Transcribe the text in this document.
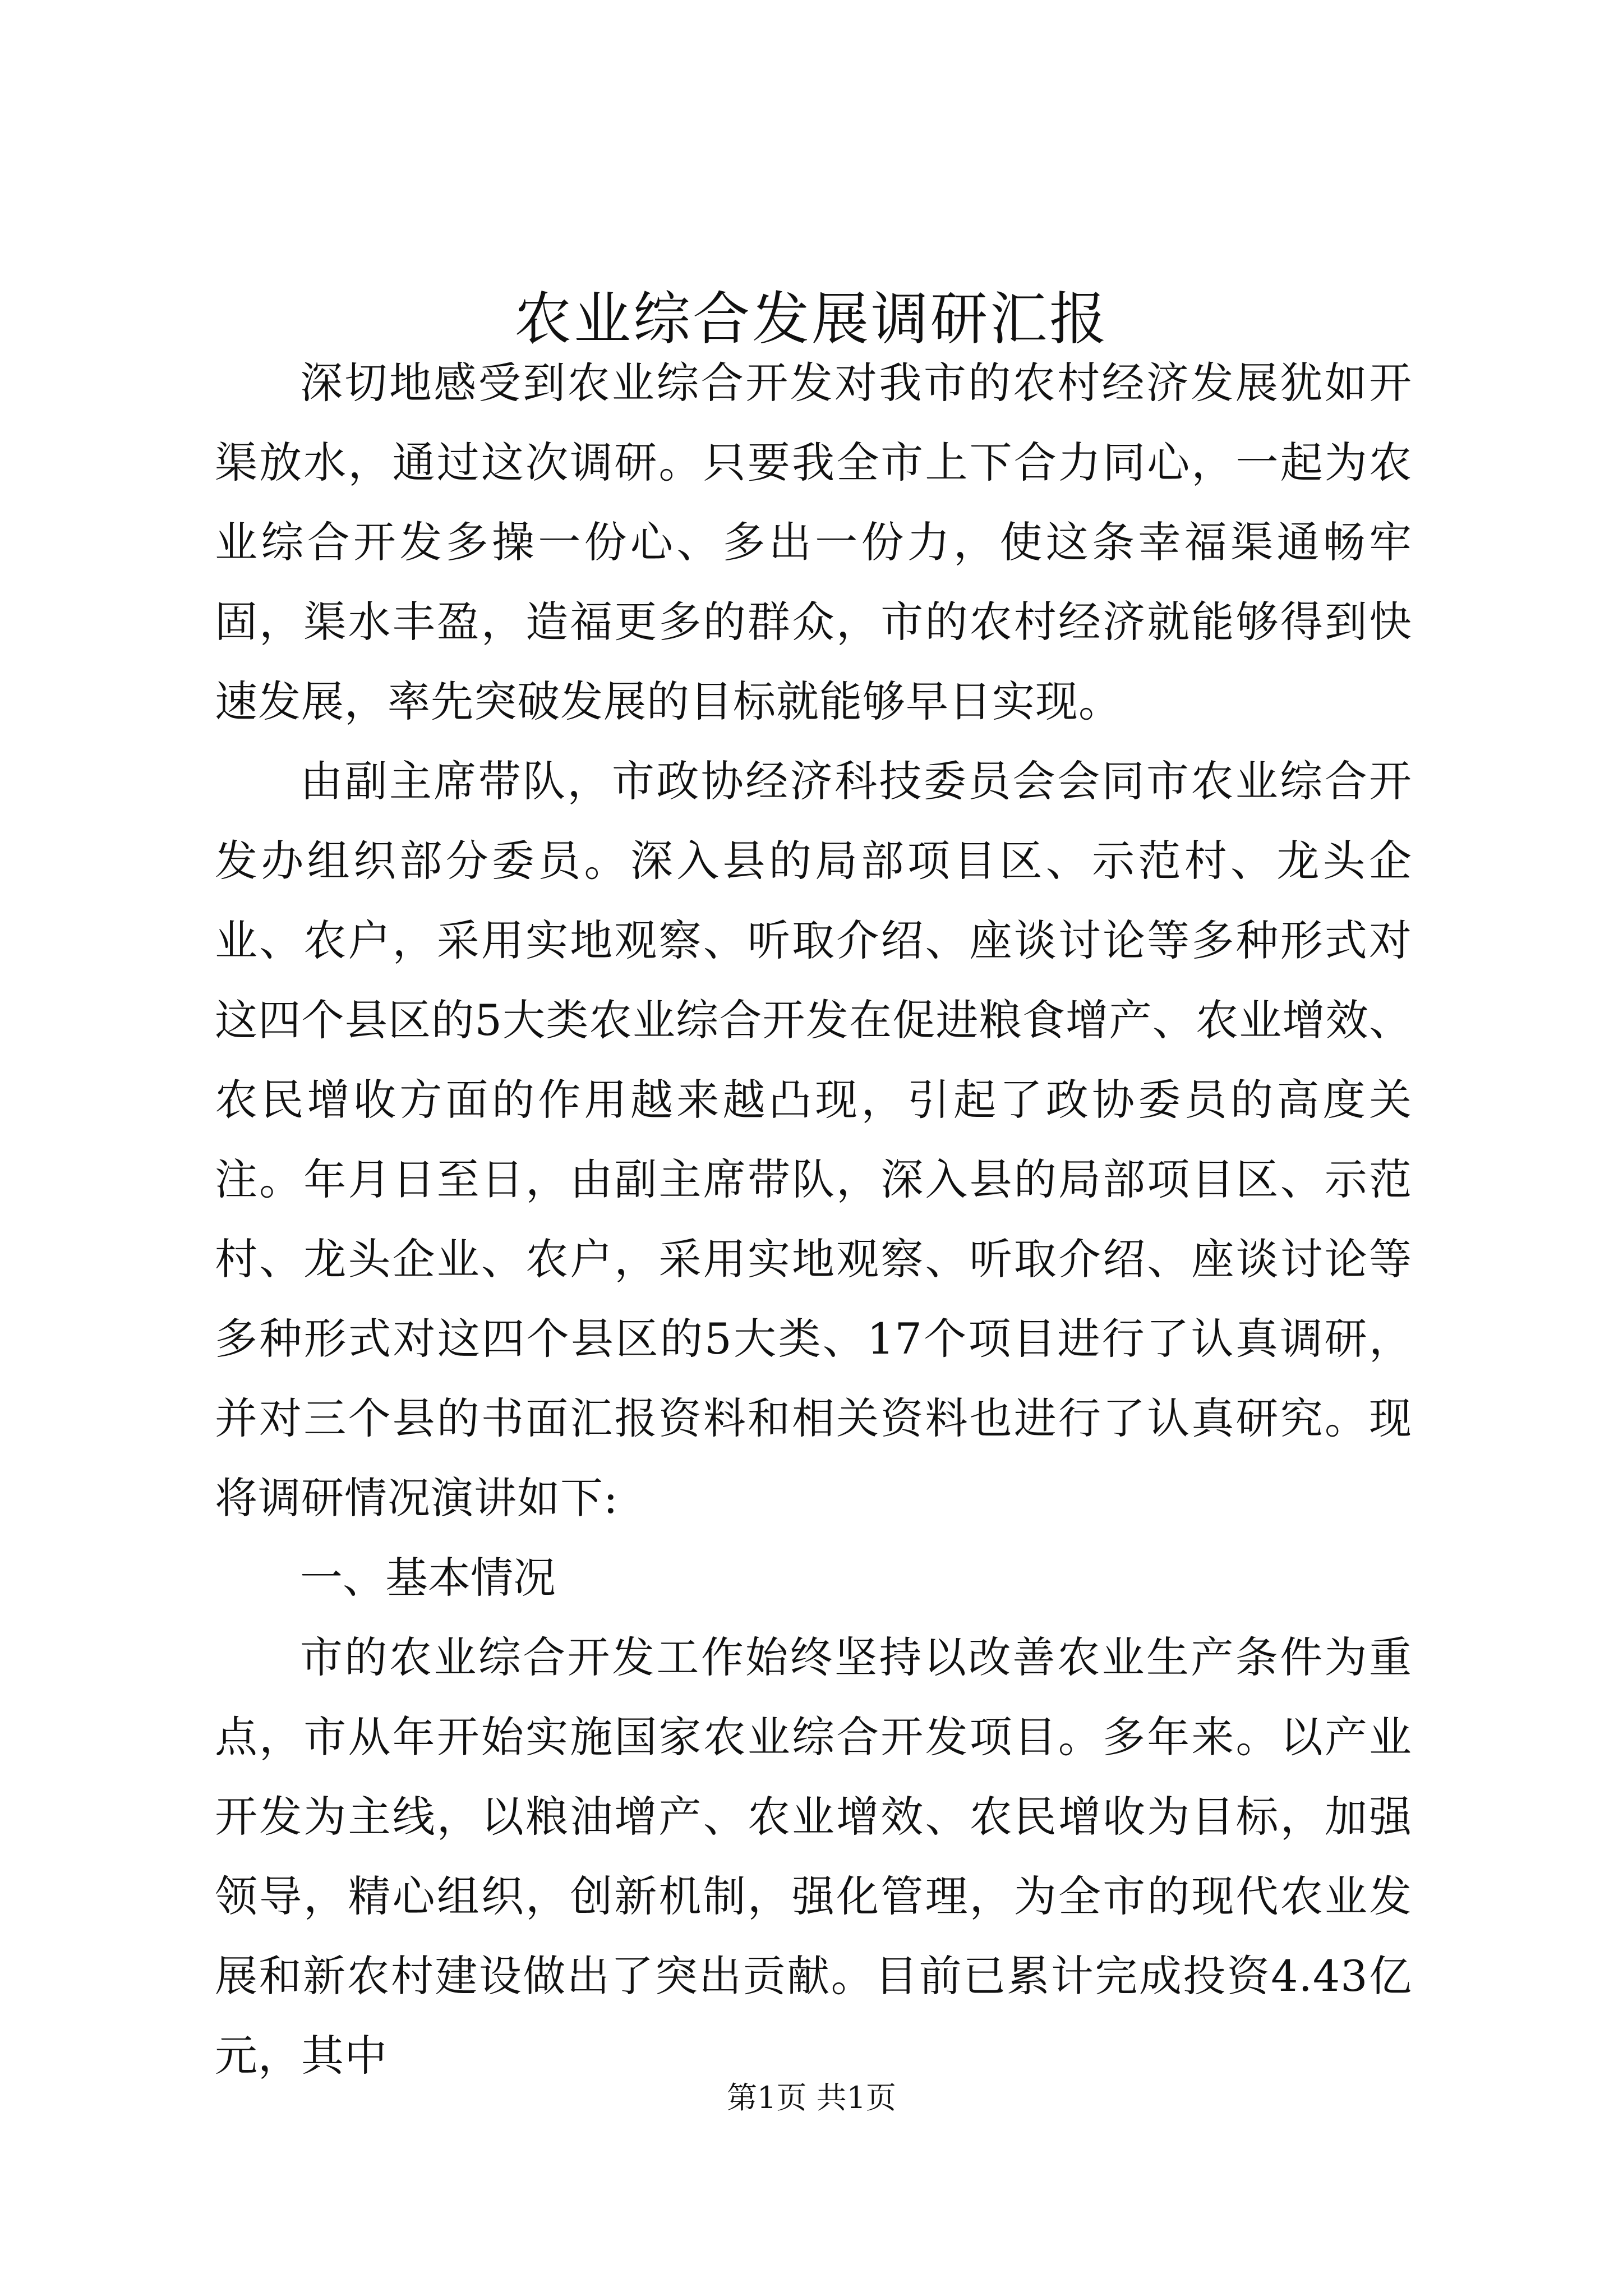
农业综合发展调研汇报

深切地感受到农业综合开发对我市的农村经济发展犹如开渠放水，通过这次调研。只要我全市上下合力同心，一起为农业综合开发多操一份心、多出一份力，使这条幸福渠通畅牢固，渠水丰盈，造福更多的群众，市的农村经济就能够得到快速发展，率先突破发展的目标就能够早日实现。

由副主席带队，市政协经济科技委员会会同市农业综合开发办组织部分委员。深入县的局部项目区、示范村、龙头企业、农户，采用实地观察、听取介绍、座谈讨论等多种形式对这四个县区的5大类农业综合开发在促进粮食增产、农业增效、农民增收方面的作用越来越凸现，引起了政协委员的高度关注。年月日至日，由副主席带队，深入县的局部项目区、示范村、龙头企业、农户，采用实地观察、听取介绍、座谈讨论等多种形式对这四个县区的5大类、17个项目进行了认真调研，并对三个县的书面汇报资料和相关资料也进行了认真研究。现将调研情况演讲如下:

一、基本情况

市的农业综合开发工作始终坚持以改善农业生产条件为重点，市从年开始实施国家农业综合开发项目。多年来。以产业开发为主线，以粮油增产、农业增效、农民增收为目标，加强领导，精心组织，创新机制，强化管理，为全市的现代农业发展和新农村建设做出了突出贡献。目前已累计完成投资4.43亿元，其中

第1页 共1页
